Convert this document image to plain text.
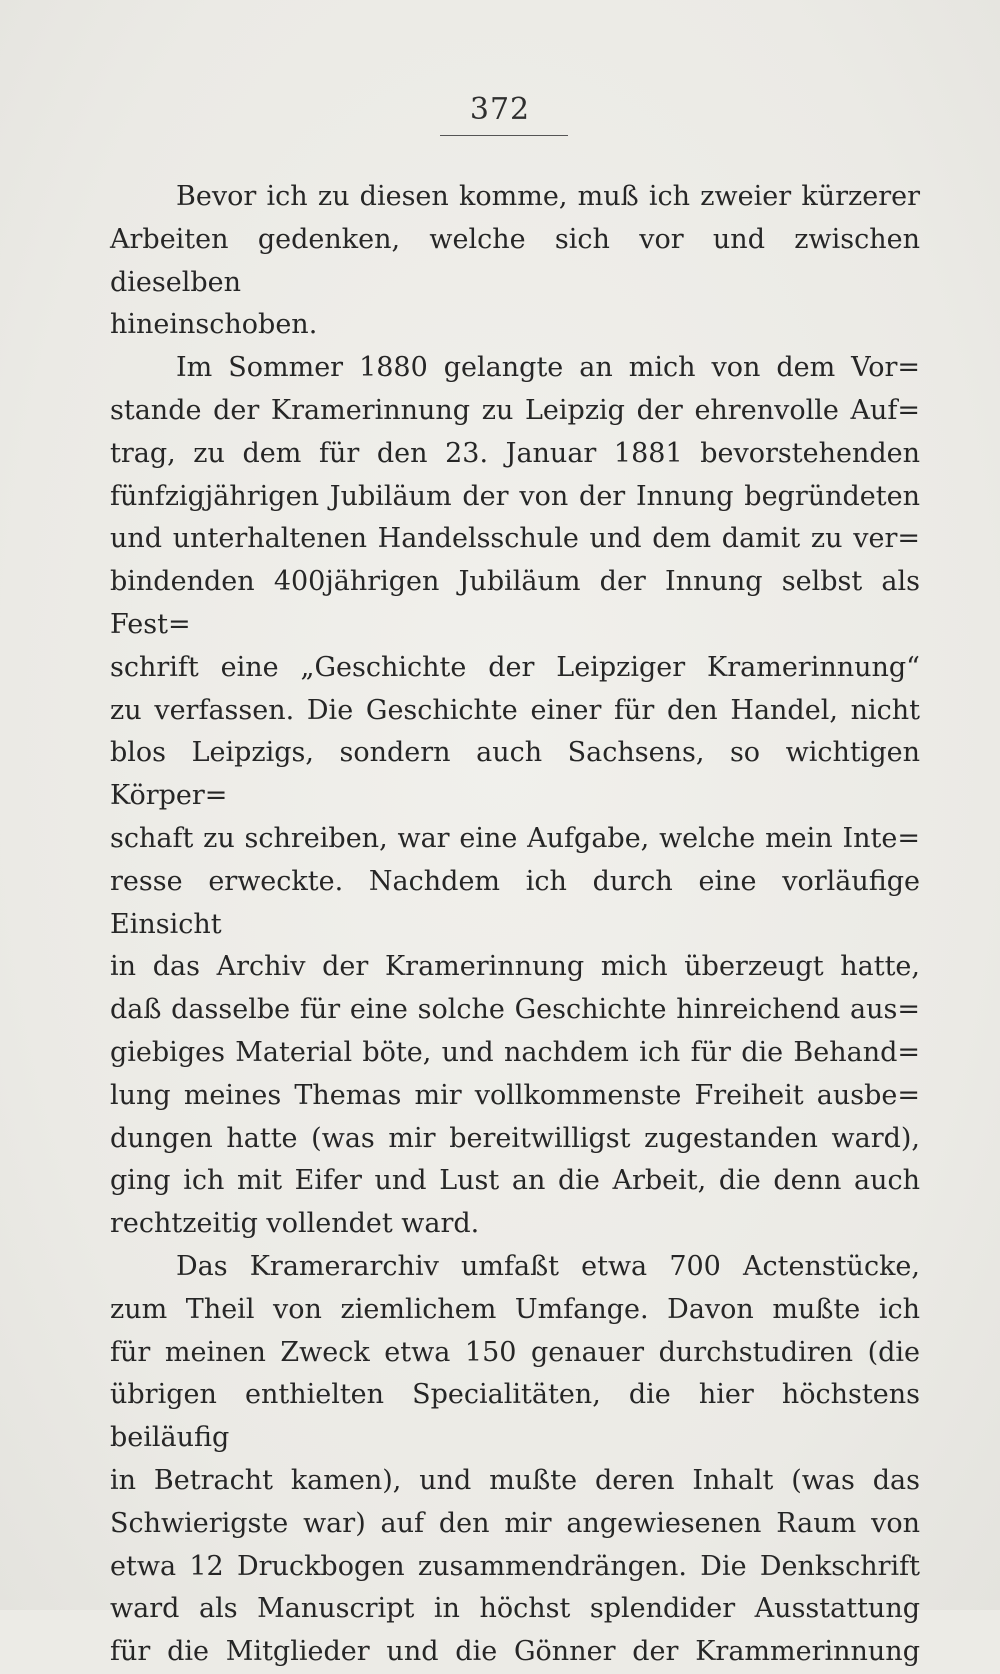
372

Bevor ich zu diesen komme, muß ich zweier kürzerer
Arbeiten gedenken, welche sich vor und zwischen dieselben
hineinschoben.

Im Sommer 1880 gelangte an mich von dem Vor=
stande der Kramerinnung zu Leipzig der ehrenvolle Auf=
trag, zu dem für den 23. Januar 1881 bevorstehenden
fünfzigjährigen Jubiläum der von der Innung begründeten
und unterhaltenen Handelsschule und dem damit zu ver=
bindenden 400jährigen Jubiläum der Innung selbst als Fest=
schrift eine „Geschichte der Leipziger Kramerinnung“
zu verfassen. Die Geschichte einer für den Handel, nicht
blos Leipzigs, sondern auch Sachsens, so wichtigen Körper=
schaft zu schreiben, war eine Aufgabe, welche mein Inte=
resse erweckte. Nachdem ich durch eine vorläufige Einsicht
in das Archiv der Kramerinnung mich überzeugt hatte,
daß dasselbe für eine solche Geschichte hinreichend aus=
giebiges Material böte, und nachdem ich für die Behand=
lung meines Themas mir vollkommenste Freiheit ausbe=
dungen hatte (was mir bereitwilligst zugestanden ward),
ging ich mit Eifer und Lust an die Arbeit, die denn auch
rechtzeitig vollendet ward.

Das Kramerarchiv umfaßt etwa 700 Actenstücke,
zum Theil von ziemlichem Umfange. Davon mußte ich
für meinen Zweck etwa 150 genauer durchstudiren (die
übrigen enthielten Specialitäten, die hier höchstens beiläufig
in Betracht kamen), und mußte deren Inhalt (was das
Schwierigste war) auf den mir angewiesenen Raum von
etwa 12 Druckbogen zusammendrängen. Die Denkschrift
ward als Manuscript in höchst splendider Ausstattung
für die Mitglieder und die Gönner der Krammerinnung
